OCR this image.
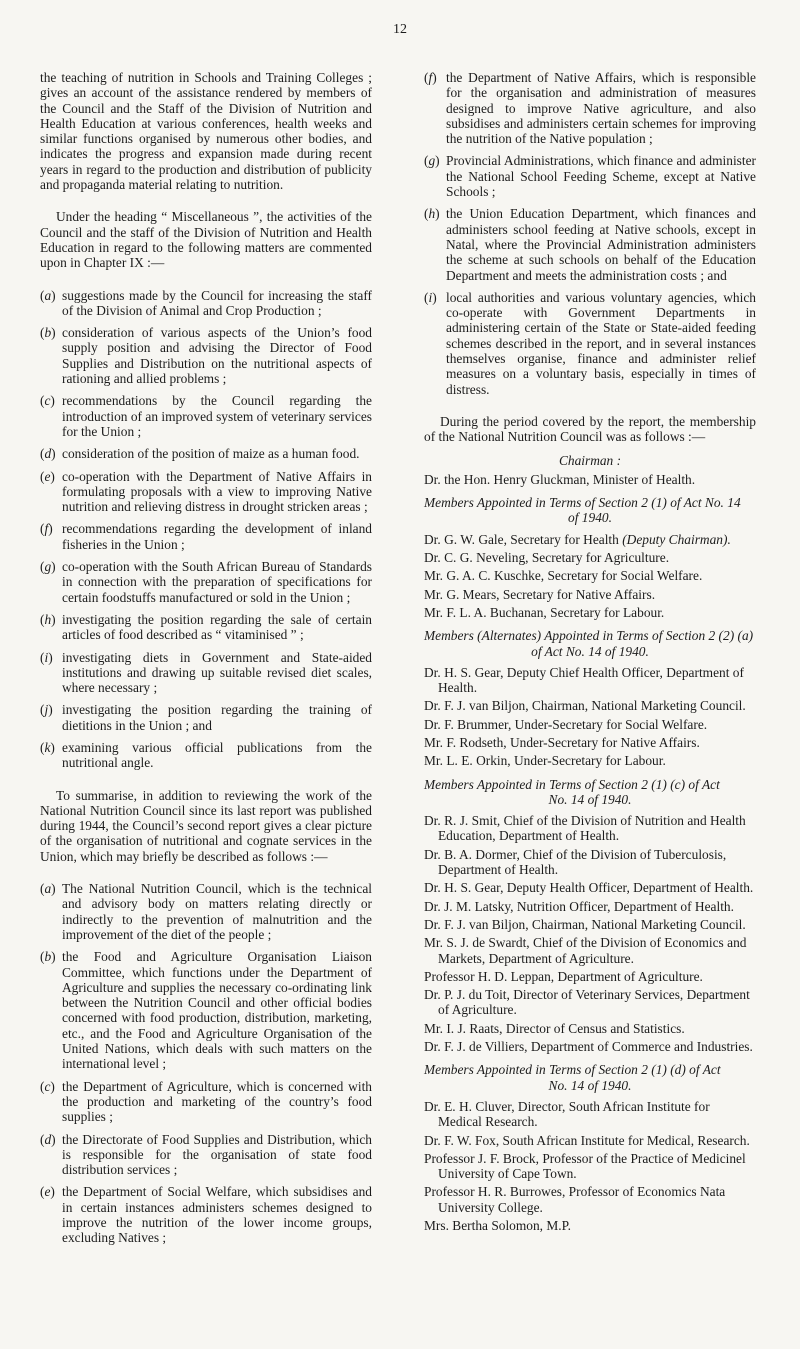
12

the teaching of nutrition in Schools and Training Colleges ; gives an account of the assistance rendered by members of the Council and the Staff of the Division of Nutrition and Health Education at various conferences, health weeks and similar functions organised by numerous other bodies, and indicates the progress and expansion made during recent years in regard to the production and distribution of publicity and propaganda material relating to nutrition.

Under the heading “ Miscellaneous ”, the activities of the Council and the staff of the Division of Nutrition and Health Education in regard to the following matters are commented upon in Chapter IX :—

(a) suggestions made by the Council for increasing the staff of the Division of Animal and Crop Production ;
(b) consideration of various aspects of the Union’s food supply position and advising the Director of Food Supplies and Distribution on the nutritional aspects of rationing and allied problems ;
(c) recommendations by the Council regarding the introduction of an improved system of veterinary services for the Union ;
(d) consideration of the position of maize as a human food.
(e) co-operation with the Department of Native Affairs in formulating proposals with a view to improving Native nutrition and relieving distress in drought stricken areas ;
(f) recommendations regarding the development of inland fisheries in the Union ;
(g) co-operation with the South African Bureau of Standards in connection with the preparation of specifications for certain foodstuffs manufactured or sold in the Union ;
(h) investigating the position regarding the sale of certain articles of food described as “ vitaminised ” ;
(i) investigating diets in Government and State-aided institutions and drawing up suitable revised diet scales, where necessary ;
(j) investigating the position regarding the training of dietitions in the Union ; and
(k) examining various official publications from the nutritional angle.

To summarise, in addition to reviewing the work of the National Nutrition Council since its last report was published during 1944, the Council’s second report gives a clear picture of the organisation of nutritional and cognate services in the Union, which may briefly be described as follows :—

(a) The National Nutrition Council, which is the technical and advisory body on matters relating directly or indirectly to the prevention of malnutrition and the improvement of the diet of the people ;
(b) the Food and Agriculture Organisation Liaison Committee, which functions under the Department of Agriculture and supplies the necessary co-ordinating link between the Nutrition Council and other official bodies concerned with food production, distribution, marketing, etc., and the Food and Agriculture Organisation of the United Nations, which deals with such matters on the international level ;
(c) the Department of Agriculture, which is concerned with the production and marketing of the country’s food supplies ;
(d) the Directorate of Food Supplies and Distribution, which is responsible for the organisation of state food distribution services ;
(e) the Department of Social Welfare, which subsidises and in certain instances administers schemes designed to improve the nutrition of the lower income groups, excluding Natives ;
(f) the Department of Native Affairs, which is responsible for the organisation and administration of measures designed to improve Native agriculture, and also subsidises and administers certain schemes for improving the nutrition of the Native population ;
(g) Provincial Administrations, which finance and administer the National School Feeding Scheme, except at Native Schools ;
(h) the Union Education Department, which finances and administers school feeding at Native schools, except in Natal, where the Provincial Administration administers the scheme at such schools on behalf of the Education Department and meets the administration costs ; and
(i) local authorities and various voluntary agencies, which co-operate with Government Departments in administering certain of the State or State-aided feeding schemes described in the report, and in several instances themselves organise, finance and administer relief measures on a voluntary basis, especially in times of distress.

During the period covered by the report, the membership of the National Nutrition Council was as follows :—

Chairman :
Dr. the Hon. Henry Gluckman, Minister of Health.
Members Appointed in Terms of Section 2 (1) of Act No. 14
of 1940.
Dr. G. W. Gale, Secretary for Health (Deputy Chairman).
Dr. C. G. Neveling, Secretary for Agriculture.
Mr. G. A. C. Kuschke, Secretary for Social Welfare.
Mr. G. Mears, Secretary for Native Affairs.
Mr. F. L. A. Buchanan, Secretary for Labour.
Members (Alternates) Appointed in Terms of Section 2 (2) (a)
of Act No. 14 of 1940.
Dr. H. S. Gear, Deputy Chief Health Officer, Department of Health.
Dr. F. J. van Biljon, Chairman, National Marketing Council.
Dr. F. Brummer, Under-Secretary for Social Welfare.
Mr. F. Rodseth, Under-Secretary for Native Affairs.
Mr. L. E. Orkin, Under-Secretary for Labour.
Members Appointed in Terms of Section 2 (1) (c) of Act
No. 14 of 1940.
Dr. R. J. Smit, Chief of the Division of Nutrition and Health Education, Department of Health.
Dr. B. A. Dormer, Chief of the Division of Tuberculosis, Department of Health.
Dr. H. S. Gear, Deputy Health Officer, Department of Health.
Dr. J. M. Latsky, Nutrition Officer, Department of Health.
Dr. F. J. van Biljon, Chairman, National Marketing Council.
Mr. S. J. de Swardt, Chief of the Division of Economics and Markets, Department of Agriculture.
Professor H. D. Leppan, Department of Agriculture.
Dr. P. J. du Toit, Director of Veterinary Services, Department of Agriculture.
Mr. I. J. Raats, Director of Census and Statistics.
Dr. F. J. de Villiers, Department of Commerce and Industries.
Members Appointed in Terms of Section 2 (1) (d) of Act
No. 14 of 1940.
Dr. E. H. Cluver, Director, South African Institute for Medical Research.
Dr. F. W. Fox, South African Institute for Medical, Research.
Professor J. F. Brock, Professor of the Practice of Medicinel University of Cape Town.
Professor H. R. Burrowes, Professor of Economics Nata University College.
Mrs. Bertha Solomon, M.P.
